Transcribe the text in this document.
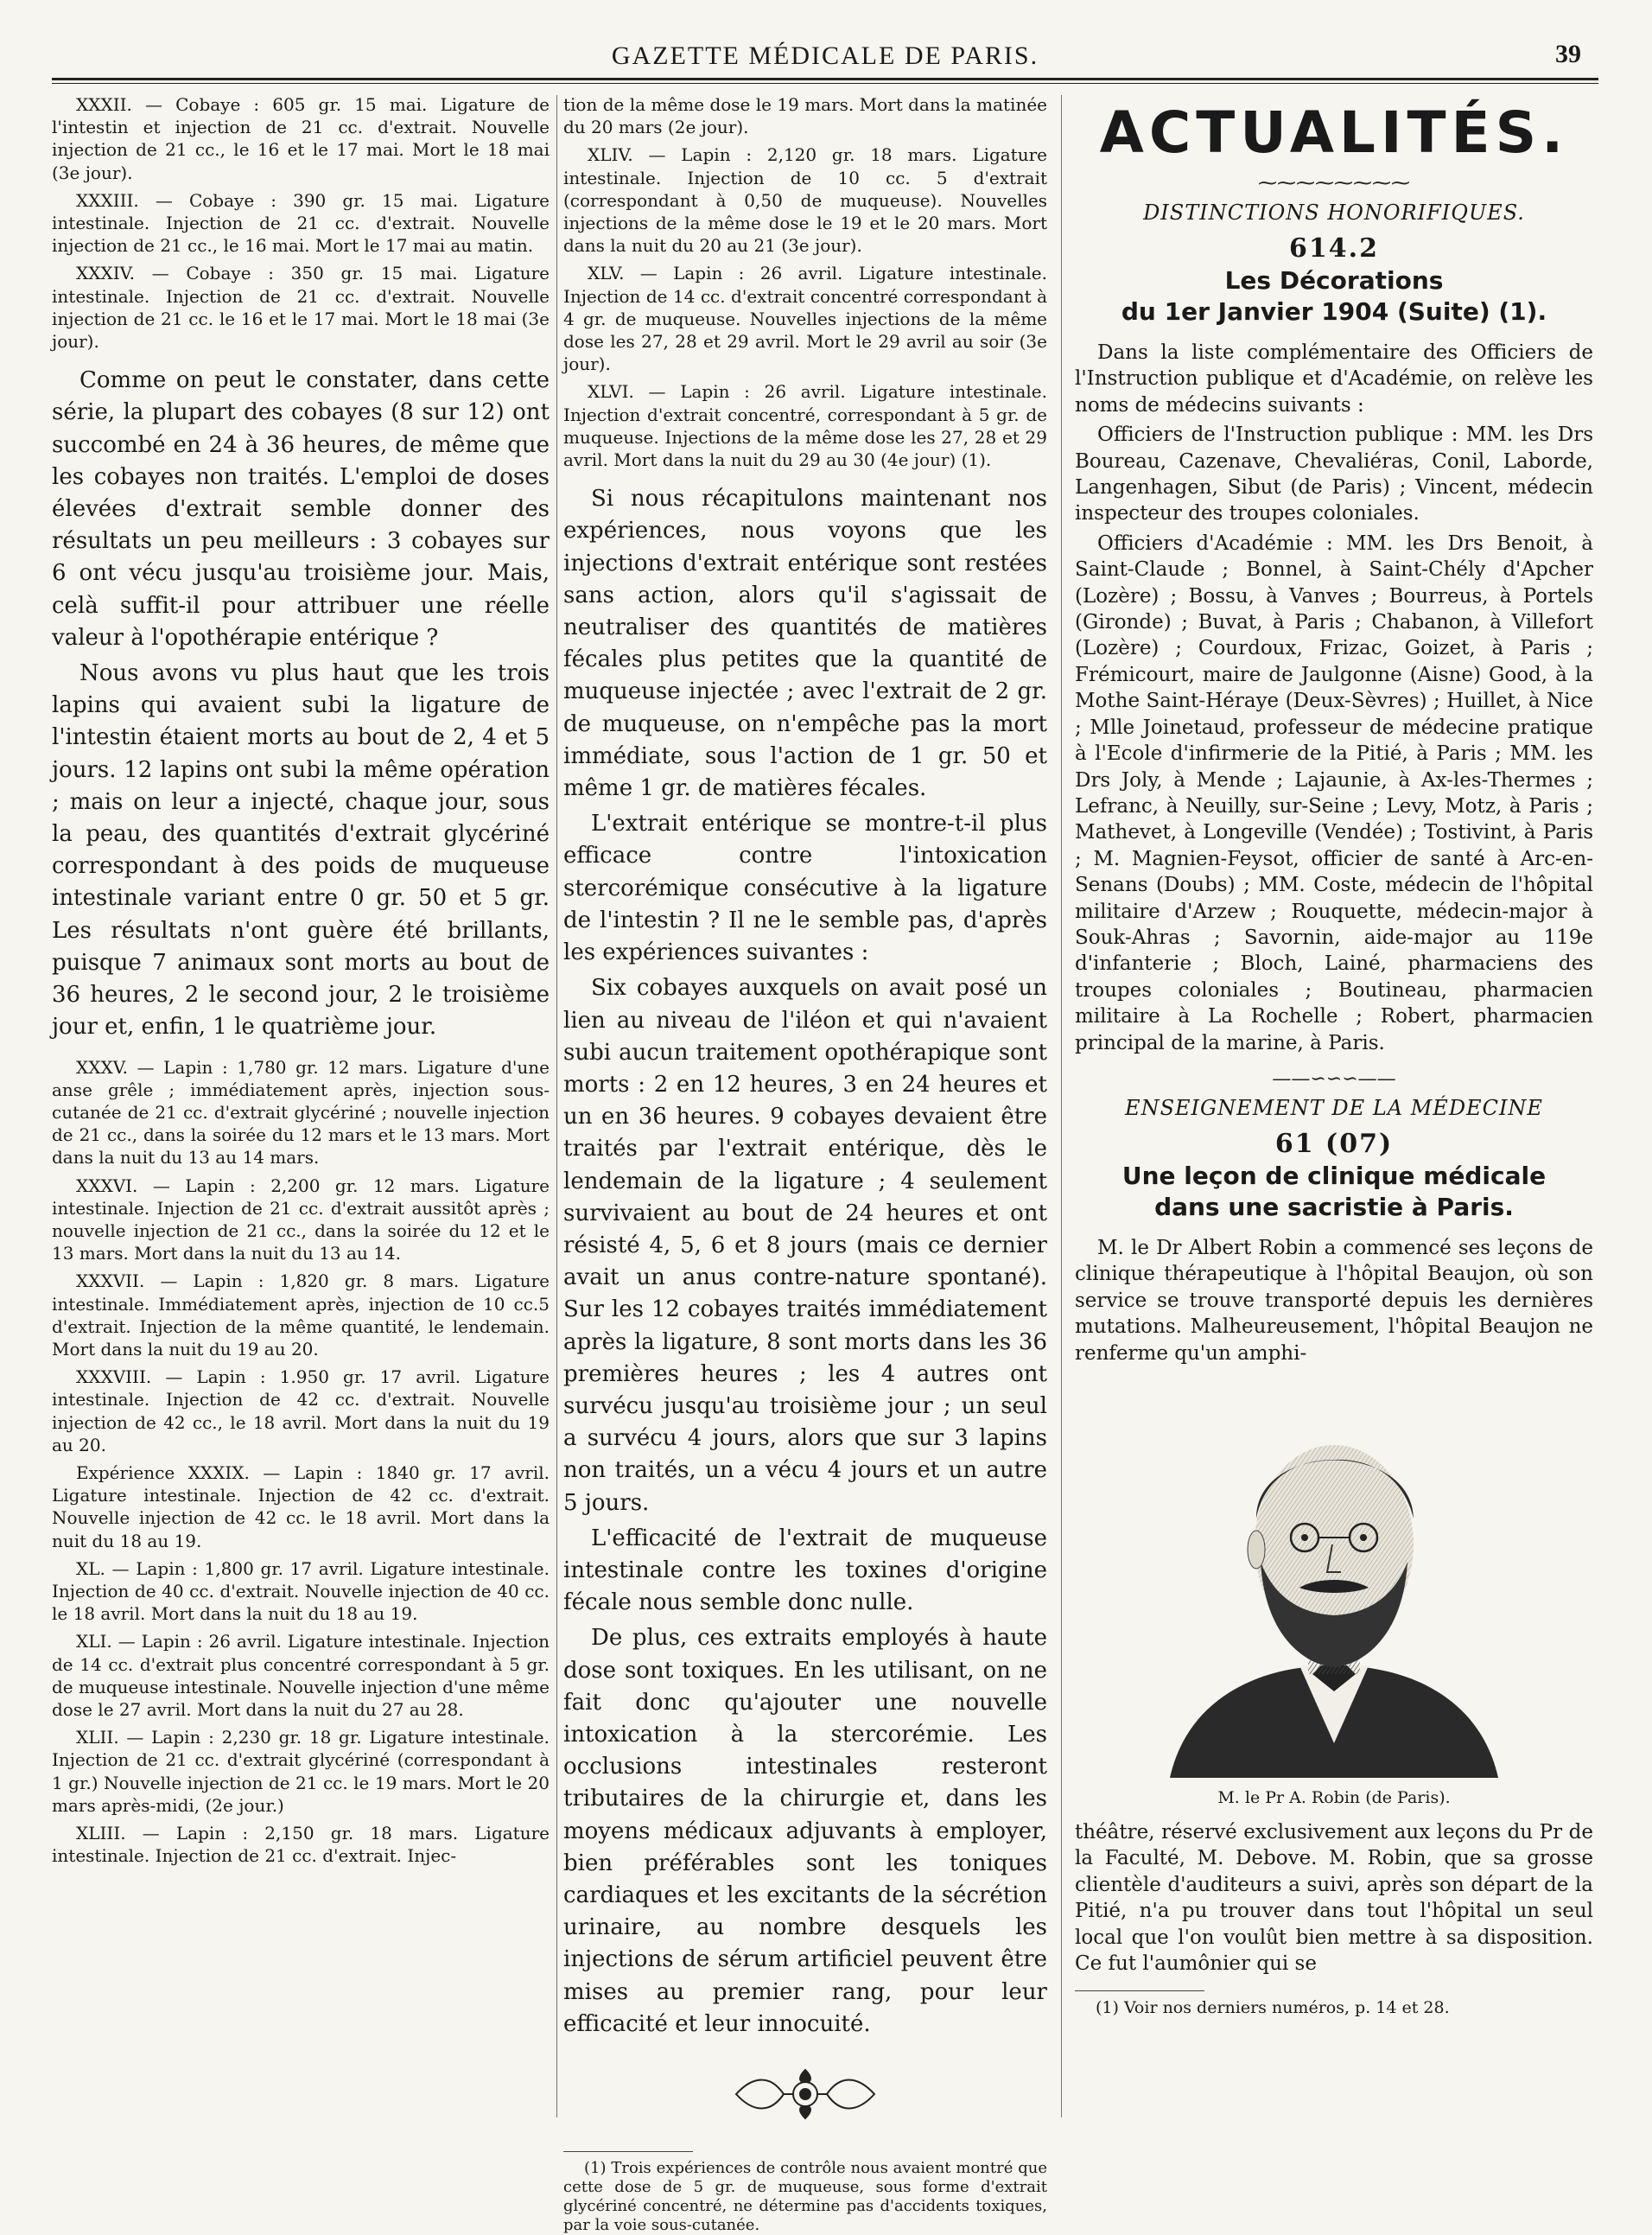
GAZETTE MÉDICALE DE PARIS.	39

XXXII. — Cobaye : 605 gr. 15 mai. Ligature de l'intestin et injection de 21 cc. d'extrait. Nouvelle injection de 21 cc., le 16 et le 17 mai. Mort le 18 mai (3e jour).

XXXIII. — Cobaye : 390 gr. 15 mai. Ligature intestinale. Injection de 21 cc. d'extrait. Nouvelle injection de 21 cc., le 16 mai. Mort le 17 mai au matin.

XXXIV. — Cobaye : 350 gr. 15 mai. Ligature intestinale. Injection de 21 cc. d'extrait. Nouvelle injection de 21 cc. le 16 et le 17 mai. Mort le 18 mai (3e jour).

Comme on peut le constater, dans cette série, la plupart des cobayes (8 sur 12) ont succombé en 24 à 36 heures, de même que les cobayes non traités. L'emploi de doses élevées d'extrait semble donner des résultats un peu meilleurs : 3 cobayes sur 6 ont vécu jusqu'au troisième jour. Mais, celà suffit-il pour attribuer une réelle valeur à l'opothérapie entérique ?

Nous avons vu plus haut que les trois lapins qui avaient subi la ligature de l'intestin étaient morts au bout de 2, 4 et 5 jours. 12 lapins ont subi la même opération ; mais on leur a injecté, chaque jour, sous la peau, des quantités d'extrait glycériné correspondant à des poids de muqueuse intestinale variant entre 0 gr. 50 et 5 gr. Les résultats n'ont guère été brillants, puisque 7 animaux sont morts au bout de 36 heures, 2 le second jour, 2 le troisième jour et, enfin, 1 le quatrième jour.

XXXV. — Lapin : 1,780 gr. 12 mars. Ligature d'une anse grêle ; immédiatement après, injection sous-cutanée de 21 cc. d'extrait glycériné ; nouvelle injection de 21 cc., dans la soirée du 12 mars et le 13 mars. Mort dans la nuit du 13 au 14 mars.

XXXVI. — Lapin : 2,200 gr. 12 mars. Ligature intestinale. Injection de 21 cc. d'extrait aussitôt après ; nouvelle injection de 21 cc., dans la soirée du 12 et le 13 mars. Mort dans la nuit du 13 au 14.

XXXVII. — Lapin : 1,820 gr. 8 mars. Ligature intestinale. Immédiatement après, injection de 10 cc.5 d'extrait. Injection de la même quantité, le lendemain. Mort dans la nuit du 19 au 20.

XXXVIII. — Lapin : 1.950 gr. 17 avril. Ligature intestinale. Injection de 42 cc. d'extrait. Nouvelle injection de 42 cc., le 18 avril. Mort dans la nuit du 19 au 20.

Expérience XXXIX. — Lapin : 1840 gr. 17 avril. Ligature intestinale. Injection de 42 cc. d'extrait. Nouvelle injection de 42 cc. le 18 avril. Mort dans la nuit du 18 au 19.

XL. — Lapin : 1,800 gr. 17 avril. Ligature intestinale. Injection de 40 cc. d'extrait. Nouvelle injection de 40 cc. le 18 avril. Mort dans la nuit du 18 au 19.

XLI. — Lapin : 26 avril. Ligature intestinale. Injection de 14 cc. d'extrait plus concentré correspondant à 5 gr. de muqueuse intestinale. Nouvelle injection d'une même dose le 27 avril. Mort dans la nuit du 27 au 28.

XLII. — Lapin : 2,230 gr. 18 gr. Ligature intestinale. Injection de 21 cc. d'extrait glycériné (correspondant à 1 gr.) Nouvelle injection de 21 cc. le 19 mars. Mort le 20 mars après-midi, (2e jour.)

XLIII. — Lapin : 2,150 gr. 18 mars. Ligature intestinale. Injection de 21 cc. d'extrait. Injec-

tion de la même dose le 19 mars. Mort dans la matinée du 20 mars (2e jour).

XLIV. — Lapin : 2,120 gr. 18 mars. Ligature intestinale. Injection de 10 cc. 5 d'extrait (correspondant à 0,50 de muqueuse). Nouvelles injections de la même dose le 19 et le 20 mars. Mort dans la nuit du 20 au 21 (3e jour).

XLV. — Lapin : 26 avril. Ligature intestinale. Injection de 14 cc. d'extrait concentré correspondant à 4 gr. de muqueuse. Nouvelles injections de la même dose les 27, 28 et 29 avril. Mort le 29 avril au soir (3e jour).

XLVI. — Lapin : 26 avril. Ligature intestinale. Injection d'extrait concentré, correspondant à 5 gr. de muqueuse. Injections de la même dose les 27, 28 et 29 avril. Mort dans la nuit du 29 au 30 (4e jour) (1).

Si nous récapitulons maintenant nos expériences, nous voyons que les injections d'extrait entérique sont restées sans action, alors qu'il s'agissait de neutraliser des quantités de matières fécales plus petites que la quantité de muqueuse injectée ; avec l'extrait de 2 gr. de muqueuse, on n'empêche pas la mort immédiate, sous l'action de 1 gr. 50 et même 1 gr. de matières fécales.

L'extrait entérique se montre-t-il plus efficace contre l'intoxication stercorémique consécutive à la ligature de l'intestin ? Il ne le semble pas, d'après les expériences suivantes :

Six cobayes auxquels on avait posé un lien au niveau de l'iléon et qui n'avaient subi aucun traitement opothérapique sont morts : 2 en 12 heures, 3 en 24 heures et un en 36 heures. 9 cobayes devaient être traités par l'extrait entérique, dès le lendemain de la ligature ; 4 seulement survivaient au bout de 24 heures et ont résisté 4, 5, 6 et 8 jours (mais ce dernier avait un anus contre-nature spontané). Sur les 12 cobayes traités immédiatement après la ligature, 8 sont morts dans les 36 premières heures ; les 4 autres ont survécu jusqu'au troisième jour ; un seul a survécu 4 jours, alors que sur 3 lapins non traités, un a vécu 4 jours et un autre 5 jours.

L'efficacité de l'extrait de muqueuse intestinale contre les toxines d'origine fécale nous semble donc nulle.

De plus, ces extraits employés à haute dose sont toxiques. En les utilisant, on ne fait donc qu'ajouter une nouvelle intoxication à la stercorémie. Les occlusions intestinales resteront tributaires de la chirurgie et, dans les moyens médicaux adjuvants à employer, bien préférables sont les toniques cardiaques et les excitants de la sécrétion urinaire, au nombre desquels les injections de sérum artificiel peuvent être mises au premier rang, pour leur efficacité et leur innocuité.

(1) Trois expériences de contrôle nous avaient montré que cette dose de 5 gr. de muqueuse, sous forme d'extrait glycériné concentré, ne détermine pas d'accidents toxiques, par la voie sous-cutanée.

ACTUALITÉS.
⁓⁓⁓⁓⁓⁓⁓⁓
DISTINCTIONS HONORIFIQUES.
614.2
Les Décorations
du 1er Janvier 1904 (Suite) (1).

Dans la liste complémentaire des Officiers de l'Instruction publique et d'Académie, on relève les noms de médecins suivants :

Officiers de l'Instruction publique : MM. les Drs Boureau, Cazenave, Chevaliéras, Conil, Laborde, Langenhagen, Sibut (de Paris) ; Vincent, médecin inspecteur des troupes coloniales.

Officiers d'Académie : MM. les Drs Benoit, à Saint-Claude ; Bonnel, à Saint-Chély d'Apcher (Lozère) ; Bossu, à Vanves ; Bourreus, à Portels (Gironde) ; Buvat, à Paris ; Chabanon, à Villefort (Lozère) ; Courdoux, Frizac, Goizet, à Paris ; Frémicourt, maire de Jaulgonne (Aisne) Good, à la Mothe Saint-Héraye (Deux-Sèvres) ; Huillet, à Nice ; Mlle Joinetaud, professeur de médecine pratique à l'Ecole d'infirmerie de la Pitié, à Paris ; MM. les Drs Joly, à Mende ; Lajaunie, à Ax-les-Thermes ; Lefranc, à Neuilly, sur-Seine ; Levy, Motz, à Paris ; Mathevet, à Longeville (Vendée) ; Tostivint, à Paris ; M. Magnien-Feysot, officier de santé à Arc-en-Senans (Doubs) ; MM. Coste, médecin de l'hôpital militaire d'Arzew ; Rouquette, médecin-major à Souk-Ahras ; Savornin, aide-major au 119e d'infanterie ; Bloch, Lainé, pharmaciens des troupes coloniales ; Boutineau, pharmacien militaire à La Rochelle ; Robert, pharmacien principal de la marine, à Paris.

——∽∽∽——
ENSEIGNEMENT DE LA MÉDECINE
61 (07)
Une leçon de clinique médicale
dans une sacristie à Paris.

M. le Dr Albert Robin a commencé ses leçons de clinique thérapeutique à l'hôpital Beaujon, où son service se trouve transporté depuis les dernières mutations. Malheureusement, l'hôpital Beaujon ne renferme qu'un amphi-

M. le Pr A. Robin (de Paris).

théâtre, réservé exclusivement aux leçons du Pr de la Faculté, M. Debove. M. Robin, que sa grosse clientèle d'auditeurs a suivi, après son départ de la Pitié, n'a pu trouver dans tout l'hôpital un seul local que l'on voulût bien mettre à sa disposition. Ce fut l'aumônier qui se

(1) Voir nos derniers numéros, p. 14 et 28.
